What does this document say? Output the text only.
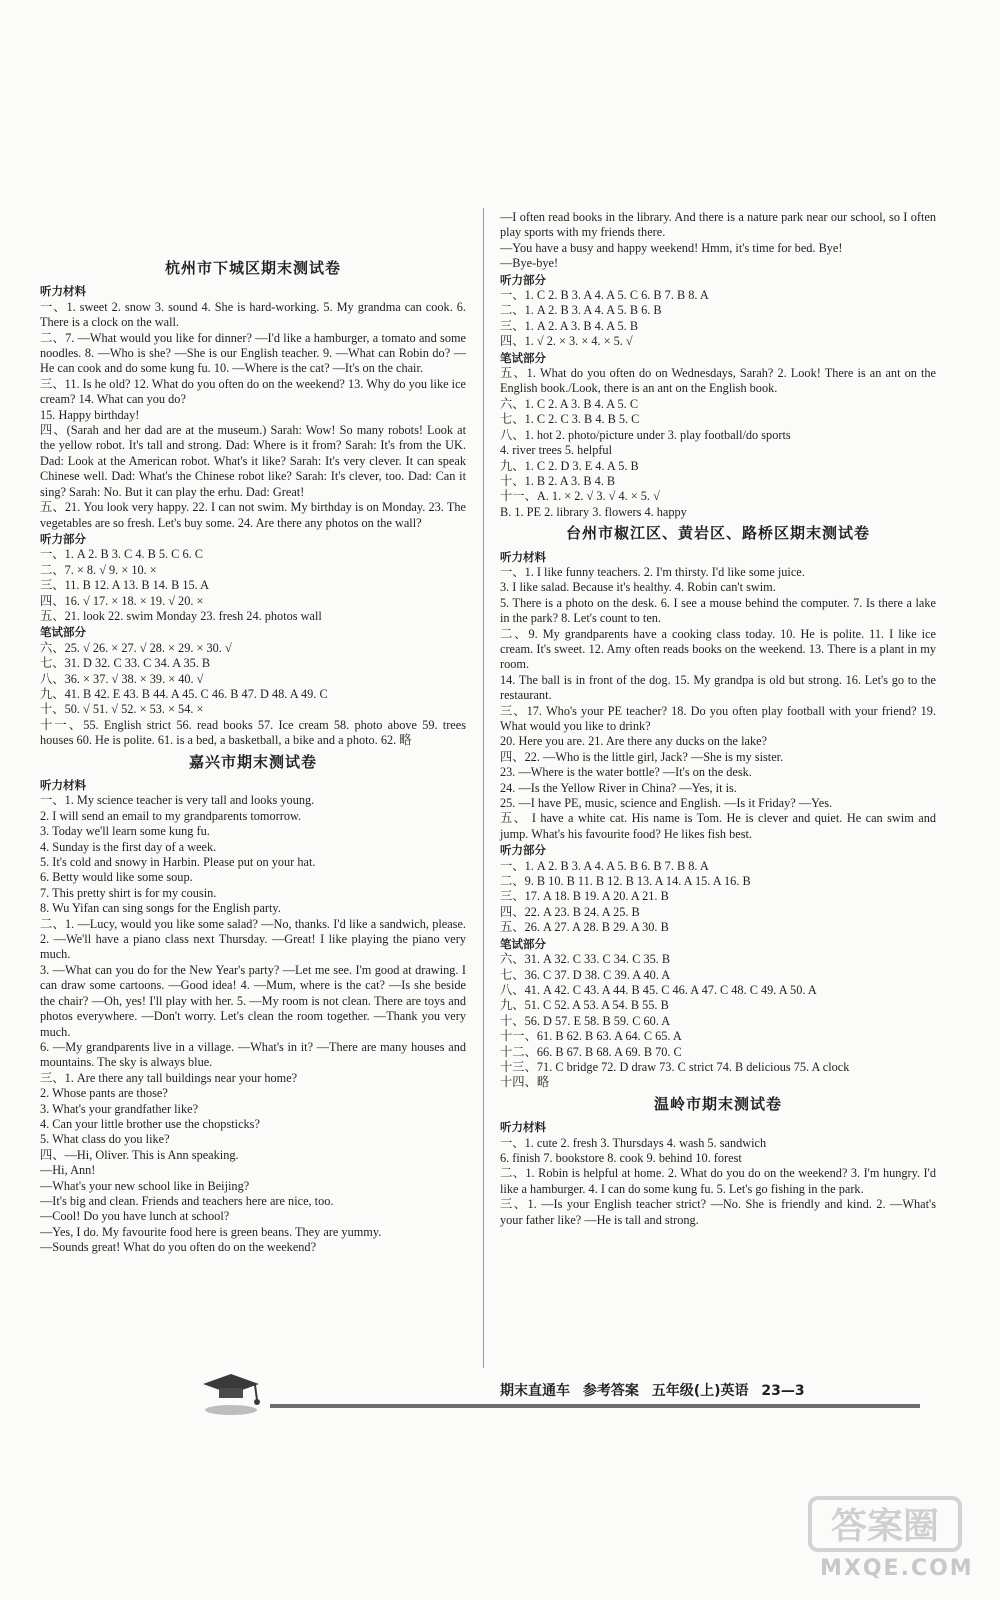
杭州市下城区期末测试卷
听力材料
一、1. sweet 2. snow 3. sound 4. She is hard-working. 5. My grandma can cook. 6. There is a clock on the wall.
二、7. —What would you like for dinner? —I'd like a hamburger, a tomato and some noodles. 8. —Who is she? —She is our English teacher. 9. —What can Robin do? —He can cook and do some kung fu. 10. —Where is the cat? —It's on the chair.
三、11. Is he old? 12. What do you often do on the weekend? 13. Why do you like ice cream? 14. What can you do?
15. Happy birthday!
四、(Sarah and her dad are at the museum.) Sarah: Wow! So many robots! Look at the yellow robot. It's tall and strong. Dad: Where is it from? Sarah: It's from the UK. Dad: Look at the American robot. What's it like? Sarah: It's very clever. It can speak Chinese well. Dad: What's the Chinese robot like? Sarah: It's clever, too. Dad: Can it sing? Sarah: No. But it can play the erhu. Dad: Great!
五、21. You look very happy. 22. I can not swim. My birthday is on Monday. 23. The vegetables are so fresh. Let's buy some. 24. Are there any photos on the wall?
听力部分
一、1. A 2. B 3. C 4. B 5. C 6. C
二、7. × 8. √ 9. × 10. ×
三、11. B 12. A 13. B 14. B 15. A
四、16. √ 17. × 18. × 19. √ 20. ×
五、21. look 22. swim Monday 23. fresh 24. photos wall
笔试部分
六、25. √ 26. × 27. √ 28. × 29. × 30. √
七、31. D 32. C 33. C 34. A 35. B
八、36. × 37. √ 38. × 39. × 40. √
九、41. B 42. E 43. B 44. A 45. C 46. B 47. D 48. A 49. C
十、50. √ 51. √ 52. × 53. × 54. ×
十一、55. English strict 56. read books 57. Ice cream 58. photo above 59. trees houses 60. He is polite. 61. is a bed, a basketball, a bike and a photo. 62. 略
嘉兴市期末测试卷
听力材料
一、1. My science teacher is very tall and looks young.
2. I will send an email to my grandparents tomorrow.
3. Today we'll learn some kung fu.
4. Sunday is the first day of a week.
5. It's cold and snowy in Harbin. Please put on your hat.
6. Betty would like some soup.
7. This pretty shirt is for my cousin.
8. Wu Yifan can sing songs for the English party.
二、1. —Lucy, would you like some salad? —No, thanks. I'd like a sandwich, please. 2. —We'll have a piano class next Thursday. —Great! I like playing the piano very much.
3. —What can you do for the New Year's party? —Let me see. I'm good at drawing. I can draw some cartoons. —Good idea! 4. —Mum, where is the cat? —Is she beside the chair? —Oh, yes! I'll play with her. 5. —My room is not clean. There are toys and photos everywhere. —Don't worry. Let's clean the room together. —Thank you very much.
6. —My grandparents live in a village. —What's in it? —There are many houses and mountains. The sky is always blue.
三、1. Are there any tall buildings near your home?
2. Whose pants are those?
3. What's your grandfather like?
4. Can your little brother use the chopsticks?
5. What class do you like?
四、—Hi, Oliver. This is Ann speaking.
—Hi, Ann!
—What's your new school like in Beijing?
—It's big and clean. Friends and teachers here are nice, too.
—Cool! Do you have lunch at school?
—Yes, I do. My favourite food here is green beans. They are yummy.
—Sounds great! What do you often do on the weekend?
—I often read books in the library. And there is a nature park near our school, so I often play sports with my friends there.
—You have a busy and happy weekend! Hmm, it's time for bed. Bye!
—Bye-bye!
听力部分
一、1. C 2. B 3. A 4. A 5. C 6. B 7. B 8. A
二、1. A 2. B 3. A 4. A 5. B 6. B
三、1. A 2. A 3. B 4. A 5. B
四、1. √ 2. × 3. × 4. × 5. √
笔试部分
五、1. What do you often do on Wednesdays, Sarah? 2. Look! There is an ant on the English book./Look, there is an ant on the English book.
六、1. C 2. A 3. B 4. A 5. C
七、1. C 2. C 3. B 4. B 5. C
八、1. hot 2. photo/picture under 3. play football/do sports
4. river trees 5. helpful
九、1. C 2. D 3. E 4. A 5. B
十、1. B 2. A 3. B 4. B
十一、A. 1. × 2. √ 3. √ 4. × 5. √
B. 1. PE 2. library 3. flowers 4. happy
台州市椒江区、黄岩区、路桥区期末测试卷
听力材料
一、1. I like funny teachers. 2. I'm thirsty. I'd like some juice.
3. I like salad. Because it's healthy. 4. Robin can't swim.
5. There is a photo on the desk. 6. I see a mouse behind the computer. 7. Is there a lake in the park? 8. Let's count to ten.
二、9. My grandparents have a cooking class today. 10. He is polite. 11. I like ice cream. It's sweet. 12. Amy often reads books on the weekend. 13. There is a plant in my room.
14. The ball is in front of the dog. 15. My grandpa is old but strong. 16. Let's go to the restaurant.
三、17. Who's your PE teacher? 18. Do you often play football with your friend? 19. What would you like to drink?
20. Here you are. 21. Are there any ducks on the lake?
四、22. —Who is the little girl, Jack? —She is my sister.
23. —Where is the water bottle? —It's on the desk.
24. —Is the Yellow River in China? —Yes, it is.
25. —I have PE, music, science and English. —Is it Friday? —Yes.
五、 I have a white cat. His name is Tom. He is clever and quiet. He can swim and jump. What's his favourite food? He likes fish best.
听力部分
一、1. A 2. B 3. A 4. A 5. B 6. B 7. B 8. A
二、9. B 10. B 11. B 12. B 13. A 14. A 15. A 16. B
三、17. A 18. B 19. A 20. A 21. B
四、22. A 23. B 24. A 25. B
五、26. A 27. A 28. B 29. A 30. B
笔试部分
六、31. A 32. C 33. C 34. C 35. B
七、36. C 37. D 38. C 39. A 40. A
八、41. A 42. C 43. A 44. B 45. C 46. A 47. C 48. C 49. A 50. A
九、51. C 52. A 53. A 54. B 55. B
十、56. D 57. E 58. B 59. C 60. A
十一、61. B 62. B 63. A 64. C 65. A
十二、66. B 67. B 68. A 69. B 70. C
十三、71. C bridge 72. D draw 73. C strict 74. B delicious 75. A clock
十四、略
温岭市期末测试卷
听力材料
一、1. cute 2. fresh 3. Thursdays 4. wash 5. sandwich
6. finish 7. bookstore 8. cook 9. behind 10. forest
二、1. Robin is helpful at home. 2. What do you do on the weekend? 3. I'm hungry. I'd like a hamburger. 4. I can do some kung fu. 5. Let's go fishing in the park.
三、1. —Is your English teacher strict? —No. She is friendly and kind. 2. —What's your father like? —He is tall and strong.
期末直通车 参考答案 五年级(上)英语 23—3
答案圈
MXQE.COM
